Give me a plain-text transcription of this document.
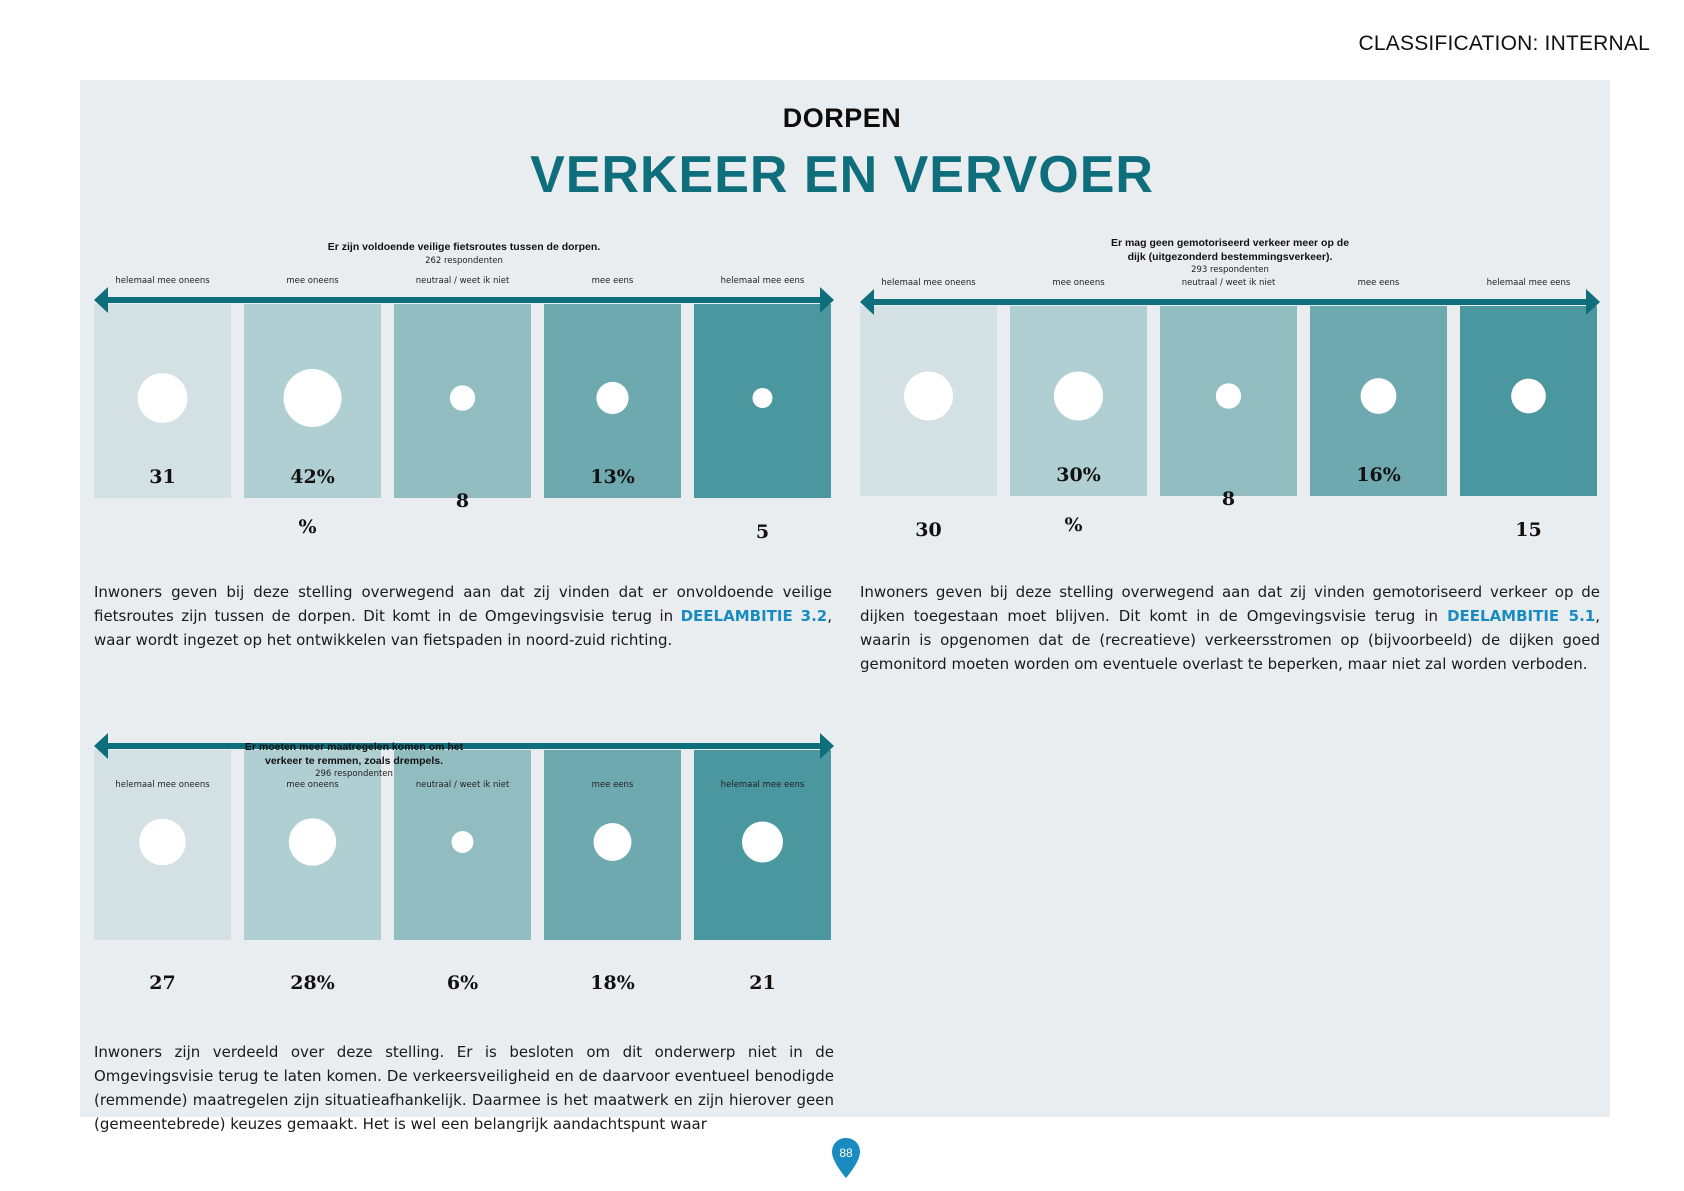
CLASSIFICATION: INTERNAL
DORPEN
VERKEER EN VERVOER
Er zijn voldoende veilige fietsroutes tussen de dorpen.
262 respondenten
helemaal mee oneens
31
mee oneens
42%
%
neutraal / weet ik niet
8
mee eens
13%
helemaal mee eens
5
Er mag geen gemotoriseerd verkeer meer op de
dijk (uitgezonderd bestemmingsverkeer).
293 respondenten
helemaal mee oneens
30
mee oneens
30%
%
neutraal / weet ik niet
8
mee eens
16%
helemaal mee eens
15
Er moeten meer maatregelen komen om het
verkeer te remmen, zoals drempels.
296 respondenten
helemaal mee oneens
27
mee oneens
28%
neutraal / weet ik niet
6%
mee eens
18%
helemaal mee eens
21
Inwoners geven bij deze stelling overwegend aan dat zij vinden dat er onvoldoende veilige fietsroutes zijn tussen de dorpen. Dit komt in de Omgevingsvisie terug in DEELAMBITIE 3.2, waar wordt ingezet op het ontwikkelen van fietspaden in noord-zuid richting.
Inwoners geven bij deze stelling overwegend aan dat zij vinden gemotoriseerd verkeer op de dijken toegestaan moet blijven. Dit komt in de Omgevingsvisie terug in DEELAMBITIE 5.1, waarin is opgenomen dat de (recreatieve) verkeersstromen op (bijvoorbeeld) de dijken goed gemonitord moeten worden om eventuele overlast te beperken, maar niet zal worden verboden.
Inwoners zijn verdeeld over deze stelling. Er is besloten om dit onderwerp niet in de Omgevingsvisie terug te laten komen. De verkeersveiligheid en de daarvoor eventueel benodigde (remmende) maatregelen zijn situatieafhankelijk. Daarmee is het maatwerk en zijn hierover geen (gemeentebrede) keuzes gemaakt. Het is wel een belangrijk aandachtspunt waar
88
